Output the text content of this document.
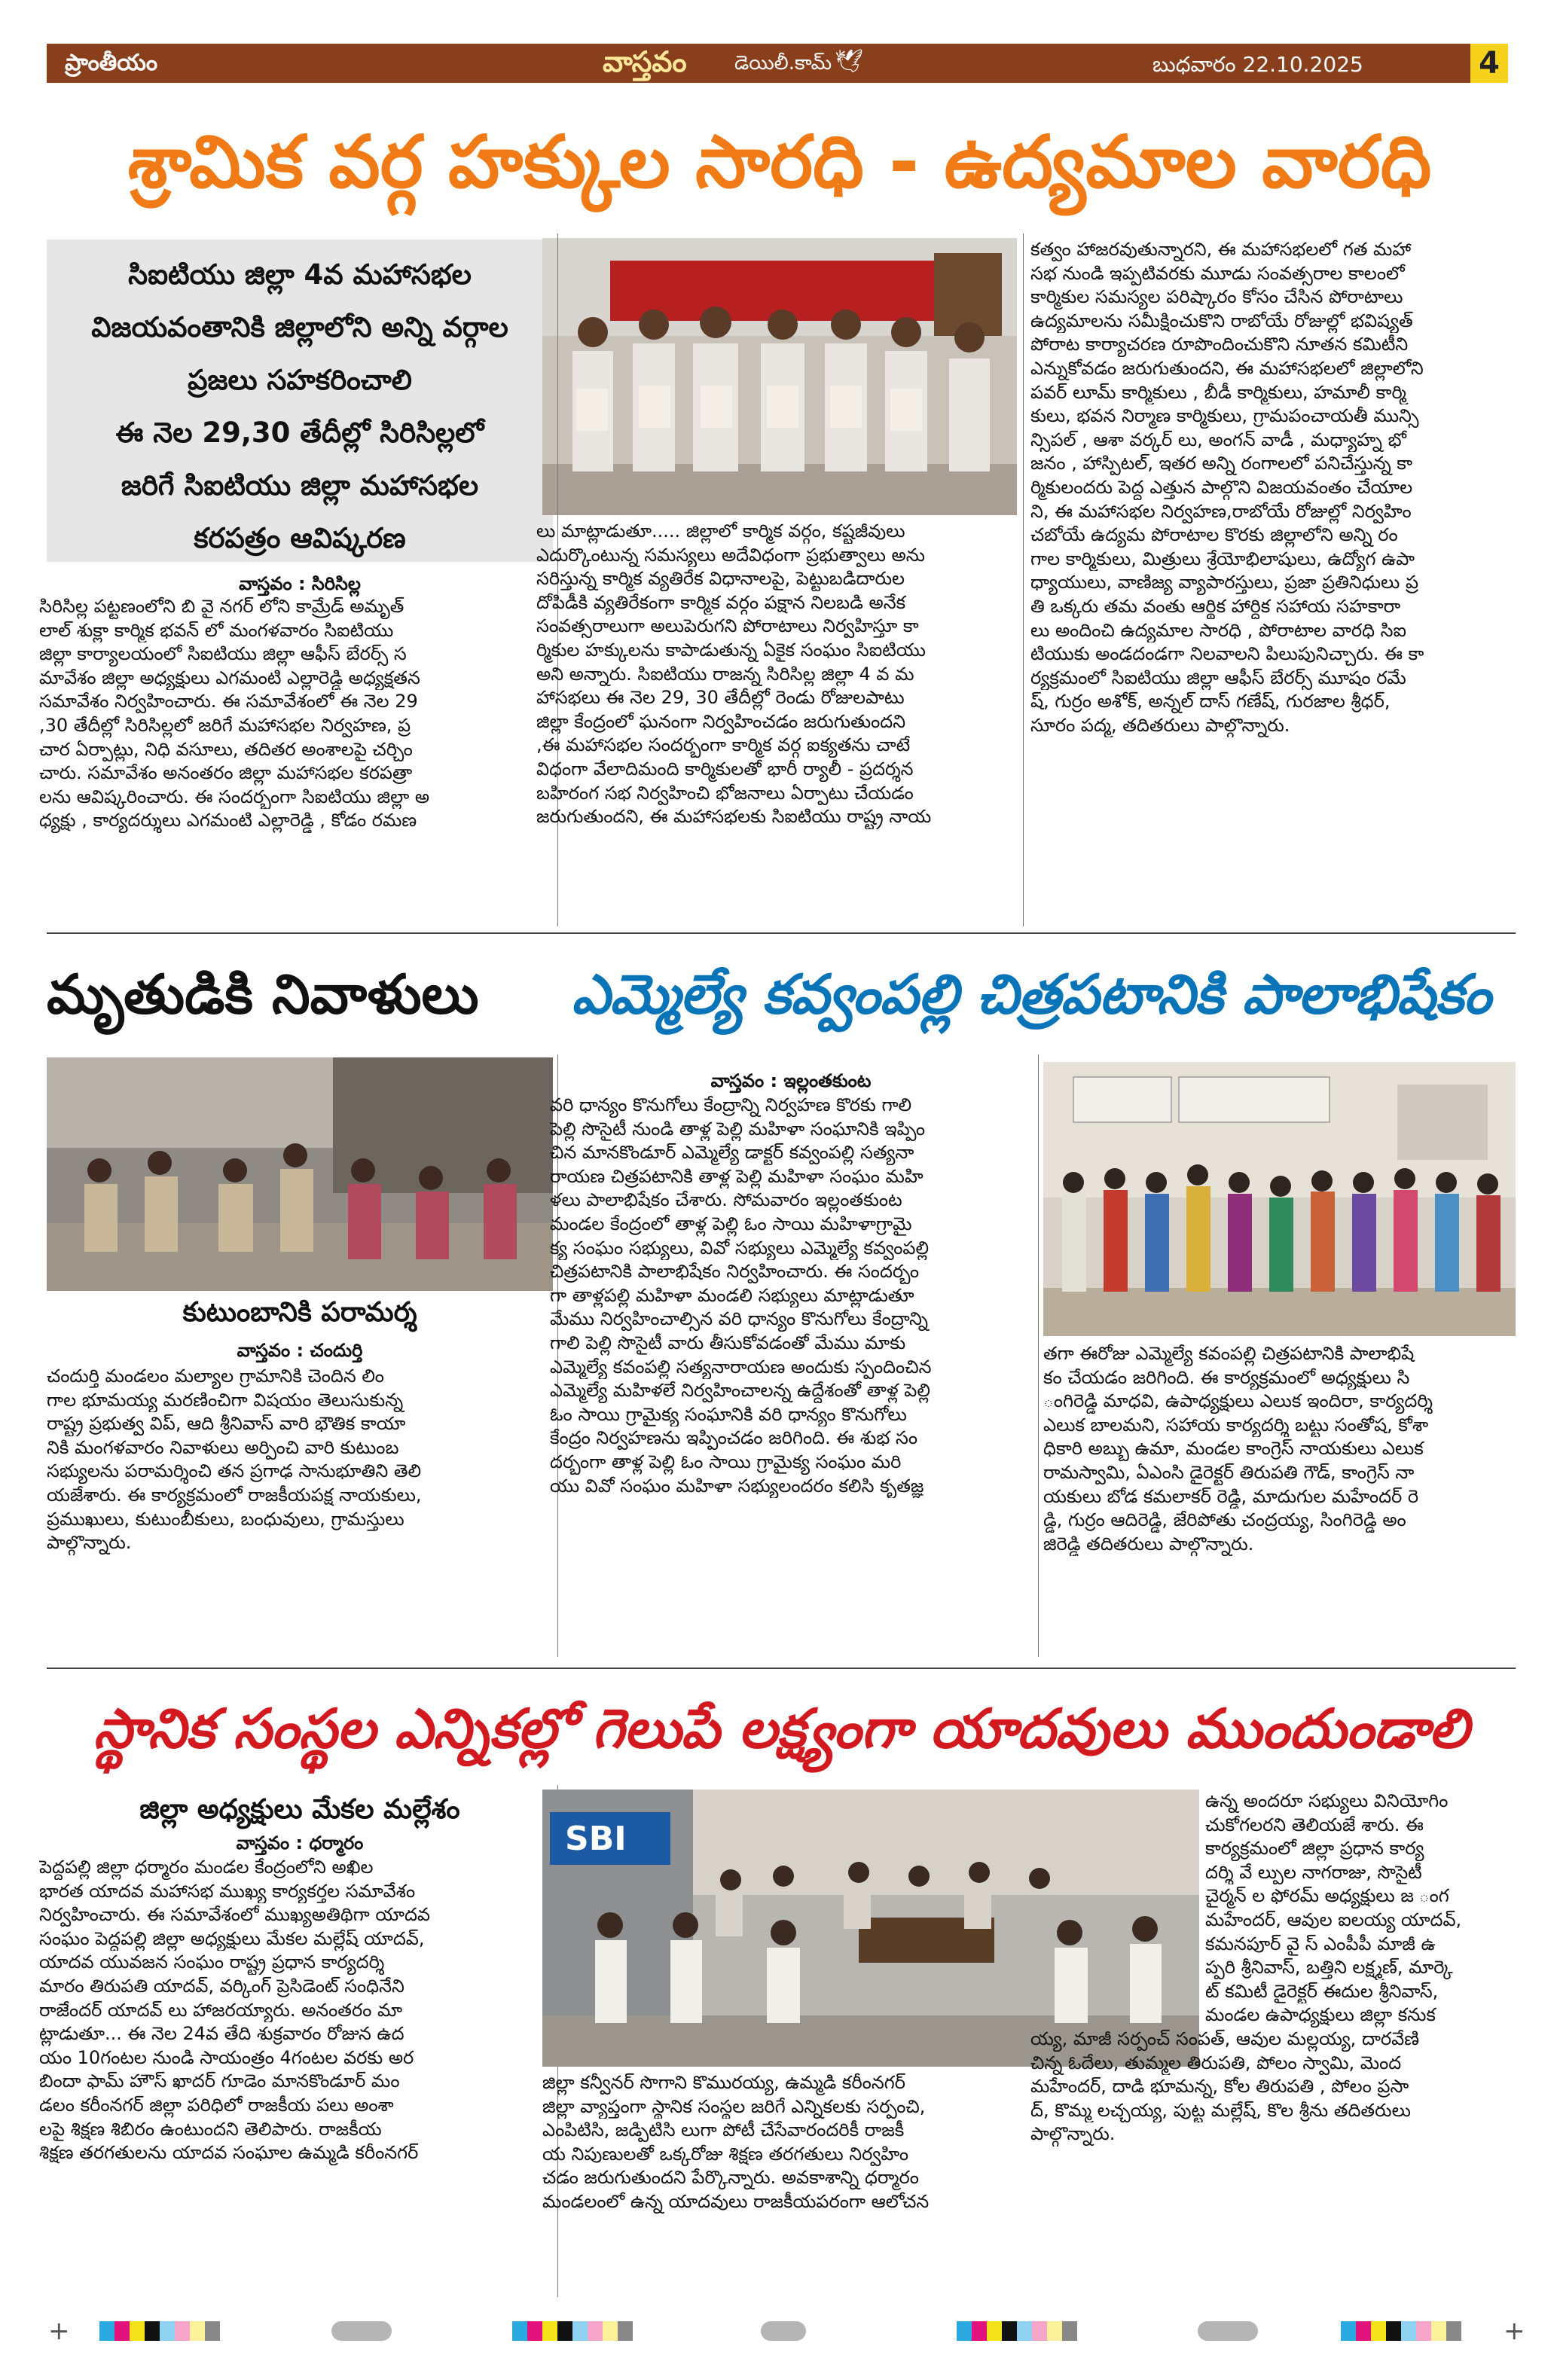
ప్రాంతీయం	వాస్తవం డెయిలీ.కామ్ 🕊	బుధవారం 22.10.2025	4
శ్రామిక వర్గ హక్కుల సారధి - ఉద్యమాల వారధి
సిఐటియు జిల్లా 4వ మహాసభల
విజయవంతానికి జిల్లాలోని అన్ని వర్గాల
ప్రజలు సహకరించాలి
ఈ నెల 29,30 తేదీల్లో సిరిసిల్లలో
జరిగే సిఐటియు జిల్లా మహాసభల
కరపత్రం ఆవిష్కరణ
వాస్తవం : సిరిసిల్ల
సిరిసిల్ల పట్టణంలోని బి వై నగర్ లోని కామ్రేడ్ అమృత్
లాల్ శుక్లా కార్మిక భవన్ లో మంగళవారం సిఐటియు
జిల్లా కార్యాలయంలో సిఐటియు జిల్లా ఆఫీస్ బేరర్స్ స
మావేశం జిల్లా అధ్యక్షులు ఎగమంటి ఎల్లారెడ్డి అధ్యక్షతన
సమావేశం నిర్వహించారు. ఈ సమావేశంలో ఈ నెల 29
,30 తేదీల్లో సిరిసిల్లలో జరిగే మహాసభల నిర్వహణ, ప్ర
చార ఏర్పాట్లు, నిధి వసూలు, తదితర అంశాలపై చర్చిం
చారు. సమావేశం అనంతరం జిల్లా మహాసభల కరపత్రా
లను ఆవిష్కరించారు. ఈ సందర్భంగా సిఐటియు జిల్లా అ
ధ్యక్షు , కార్యదర్శులు ఎగమంటి ఎల్లారెడ్డి , కోడం రమణ
లు మాట్లాడుతూ..... జిల్లాలో కార్మిక వర్గం, కష్టజీవులు
ఎదుర్కొంటున్న సమస్యలు అదేవిధంగా ప్రభుత్వాలు అను
సరిస్తున్న కార్మిక వ్యతిరేక విధానాలపై, పెట్టుబడిదారుల
దోపిడీకి వ్యతిరేకంగా కార్మిక వర్గం పక్షాన నిలబడి అనేక
సంవత్సరాలుగా అలుపెరుగని పోరాటాలు నిర్వహిస్తూ కా
ర్మికుల హక్కులను కాపాడుతున్న ఏకైక సంఘం సిఐటియు
అని అన్నారు. సిఐటియు రాజన్న సిరిసిల్ల జిల్లా 4 వ మ
హాసభలు ఈ నెల 29, 30 తేదీల్లో రెండు రోజులపాటు
జిల్లా కేంద్రంలో ఘనంగా నిర్వహించడం జరుగుతుందని
,ఈ మహాసభల సందర్భంగా కార్మిక వర్గ ఐక్యతను చాటే
విధంగా వేలాదిమంది కార్మికులతో భారీ ర్యాలీ - ప్రదర్శన
బహిరంగ సభ నిర్వహించి భోజనాలు ఏర్పాటు చేయడం
జరుగుతుందని, ఈ మహాసభలకు సిఐటియు రాష్ట్ర నాయ
కత్వం హాజరవుతున్నారని, ఈ మహాసభలలో గత మహా
సభ నుండి ఇప్పటివరకు మూడు సంవత్సరాల కాలంలో
కార్మికుల సమస్యల పరిష్కారం కోసం చేసిన పోరాటాలు
ఉద్యమాలను సమీక్షించుకొని రాబోయే రోజుల్లో భవిష్యత్
పోరాట కార్యాచరణ రూపొందించుకొని నూతన కమిటీని
ఎన్నుకోవడం జరుగుతుందని, ఈ మహాసభలలో జిల్లాలోని
పవర్ లూమ్ కార్మికులు , బీడీ కార్మికులు, హమాలీ కార్మి
కులు, భవన నిర్మాణ కార్మికులు, గ్రామపంచాయతీ మున్సి
న్సిపల్ , ఆశా వర్కర్ లు, అంగన్ వాడీ , మధ్యాహ్న భో
జనం , హాస్పిటల్, ఇతర అన్ని రంగాలలో పనిచేస్తున్న కా
ర్మికులందరు పెద్ద ఎత్తున పాల్గొని విజయవంతం చేయాల
ని, ఈ మహాసభల నిర్వహణ,రాబోయే రోజుల్లో నిర్వహిం
చబోయే ఉద్యమ పోరాటాల కొరకు జిల్లాలోని అన్ని రం
గాల కార్మికులు, మిత్రులు శ్రేయోభిలాషులు, ఉద్యోగ ఉపా
ధ్యాయులు, వాణిజ్య వ్యాపారస్తులు, ప్రజా ప్రతినిధులు ప్ర
తి ఒక్కరు తమ వంతు ఆర్థిక హార్దిక సహాయ సహకారా
లు అందించి ఉద్యమాల సారధి , పోరాటాల వారధి సిఐ
టియుకు అండదండగా నిలవాలని పిలుపునిచ్చారు. ఈ కా
ర్యక్రమంలో సిఐటియు జిల్లా ఆఫీస్ బేరర్స్ మూషం రమే
ష్, గుర్రం అశోక్, అన్నల్ దాస్ గణేష్, గురజాల శ్రీధర్,
సూరం పద్మ, తదితరులు పాల్గొన్నారు.
మృతుడికి నివాళులు	ఎమ్మెల్యే కవ్వంపల్లి చిత్రపటానికి పాలాభిషేకం
కుటుంబానికి పరామర్శ
వాస్తవం : చందుర్తి
చందుర్తి మండలం మల్యాల గ్రామానికి చెందిన లిం
గాల భూమయ్య మరణించిగా విషయం తెలుసుకున్న
రాష్ట్ర ప్రభుత్వ విప్, ఆది శ్రీనివాస్ వారి భౌతిక కాయా
నికి మంగళవారం నివాళులు అర్పించి వారి కుటుంబ
సభ్యులను పరామర్శించి తన ప్రగాఢ సానుభూతిని తెలి
యజేశారు. ఈ కార్యక్రమంలో రాజకీయపక్ష నాయకులు,
ప్రముఖులు, కుటుంబీకులు, బంధువులు, గ్రామస్తులు
పాల్గొన్నారు.
వాస్తవం : ఇల్లంతకుంట
వరి ధాన్యం కొనుగోలు కేంద్రాన్ని నిర్వహణ కొరకు గాలి
పెల్లి సొసైటీ నుండి తాళ్ల పెల్లి మహిళా సంఘానికి ఇప్పిం
చిన మానకొండూర్ ఎమ్మెల్యే డాక్టర్ కవ్వంపల్లి సత్యనా
రాయణ చిత్రపటానికి తాళ్ల పెల్లి మహిళా సంఘం మహి
ళలు పాలాభిషేకం చేశారు. సోమవారం ఇల్లంతకుంట
మండల కేంద్రంలో తాళ్ల పెల్లి ఓం సాయి మహిళాగ్రామై
క్య సంఘం సభ్యులు, వివో సభ్యులు ఎమ్మెల్యే కవ్వంపల్లి
చిత్రపటానికి పాలాభిషేకం నిర్వహించారు. ఈ సందర్భం
గా తాళ్లపల్లి మహిళా మండలి సభ్యులు మాట్లాడుతూ
మేము నిర్వహించాల్సిన వరి ధాన్యం కొనుగోలు కేంద్రాన్ని
గాలి పెల్లి సొసైటీ వారు తీసుకోవడంతో మేము మాకు
ఎమ్మెల్యే కవంపల్లి సత్యనారాయణ అందుకు స్పందించిన
ఎమ్మెల్యే మహిళలే నిర్వహించాలన్న ఉద్దేశంతో తాళ్ల పెల్లి
ఓం సాయి గ్రామైక్య సంఘానికి వరి ధాన్యం కొనుగోలు
కేంద్రం నిర్వహణను ఇప్పించడం జరిగింది. ఈ శుభ సం
దర్భంగా తాళ్ల పెల్లి ఓం సాయి గ్రామైక్య సంఘం మరి
యు వివో సంఘం మహిళా సభ్యులందరం కలిసి కృతజ్ఞ
తగా ఈరోజు ఎమ్మెల్యే కవంపల్లి చిత్రపటానికి పాలాభిషే
కం చేయడం జరిగింది. ఈ కార్యక్రమంలో అధ్యక్షులు సి
ంగిరెడ్డి మాధవి, ఉపాధ్యక్షులు ఎలుక ఇందిరా, కార్యదర్శి
ఎలుక బాలమని, సహాయ కార్యదర్శి బట్టు సంతోష, కోశా
ధికారి అబ్బు ఉమా, మండల కాంగ్రెస్ నాయకులు ఎలుక
రామస్వామి, ఏఎంసి డైరెక్టర్ తిరుపతి గౌడ్, కాంగ్రెస్ నా
యకులు బోడ కమలాకర్ రెడ్డి, మాదుగుల మహేందర్ రె
డ్డి, గుర్రం ఆదిరెడ్డి, జేరిపోతు చంద్రయ్య, సింగిరెడ్డి అం
జిరెడ్డి తదితరులు పాల్గొన్నారు.
స్థానిక సంస్థల ఎన్నికల్లో గెలుపే లక్ష్యంగా యాదవులు ముందుండాలి
జిల్లా అధ్యక్షులు మేకల మల్లేశం
వాస్తవం : ధర్మారం
పెద్దపల్లి జిల్లా ధర్మారం మండల కేంద్రంలోని అఖిల
భారత యాదవ మహాసభ ముఖ్య కార్యకర్తల సమావేశం
నిర్వహించారు. ఈ సమావేశంలో ముఖ్యఅతిథిగా యాదవ
సంఘం పెద్దపల్లి జిల్లా అధ్యక్షులు మేకల మల్లేష్ యాదవ్,
యాదవ యువజన సంఘం రాష్ట్ర ప్రధాన కార్యదర్శి
మారం తిరుపతి యాదవ్, వర్కింగ్ ప్రెసిడెంట్ సంధినేని
రాజేందర్ యాదవ్ లు హాజరయ్యారు. అనంతరం మా
ట్లాడుతూ... ఈ నెల 24వ తేది శుక్రవారం రోజున ఉద
యం 10గంటల నుండి సాయంత్రం 4గంటల వరకు అర
బిందా ఫామ్ హౌస్ ఖాదర్ గూడెం మానకొండూర్ మం
డలం కరీంనగర్ జిల్లా పరిధిలో రాజకీయ పలు అంశా
లపై శిక్షణ శిబిరం ఉంటుందని తెలిపారు. రాజకీయ
శిక్షణ తరగతులను యాదవ సంఘాల ఉమ్మడి కరీంనగర్
SBI
జిల్లా కన్వీనర్ సొగాని కొమురయ్య, ఉమ్మడి కరీంనగర్
జిల్లా వ్యాప్తంగా స్థానిక సంస్థల జరిగే ఎన్నికలకు సర్పంచి,
ఎంపిటిసి, జడ్పిటిసి లుగా పోటీ చేసేవారందరికీ రాజకీ
య నిపుణులతో ఒక్కరోజు శిక్షణ తరగతులు నిర్వహిం
చడం జరుగుతుందని పేర్కొన్నారు. అవకాశాన్ని ధర్మారం
మండలంలో ఉన్న యాదవులు రాజకీయపరంగా ఆలోచన
ఉన్న అందరూ సభ్యులు వినియోగిం
చుకోగలరని తెలియజే శారు. ఈ
కార్యక్రమంలో జిల్లా ప్రధాన కార్య
దర్శి వే ల్పుల నాగరాజు, సొసైటీ
చైర్మన్ ల ఫోరమ్ అధ్యక్షులు జ ంగ
మహేందర్, ఆవుల ఐలయ్య యాదవ్,
కమనపూర్ వై స్ ఎంపీపీ మాజీ ఉ
ప్పరి శ్రీనివాస్, బత్తిని లక్ష్మణ్, మార్కె
ట్ కమిటీ డైరెక్టర్ ఈదుల శ్రీనివాస్,
మండల ఉపాధ్యక్షులు జిల్లా కనుక
య్య, మాజీ సర్పంచ్ సంపత్, ఆవుల మల్లయ్య, దారవేణి
చిన్న ఓదేలు, తుమ్మల తిరుపతి, పోలం స్వామి, మెంద
మహేందర్, దాడి భూమన్న, కోల తిరుపతి , పోలం ప్రసా
ద్, కొమ్మ లచ్చయ్య, పుట్ట మల్లేష్, కొల శ్రీను తదితరులు
పాల్గొన్నారు.
+	+
